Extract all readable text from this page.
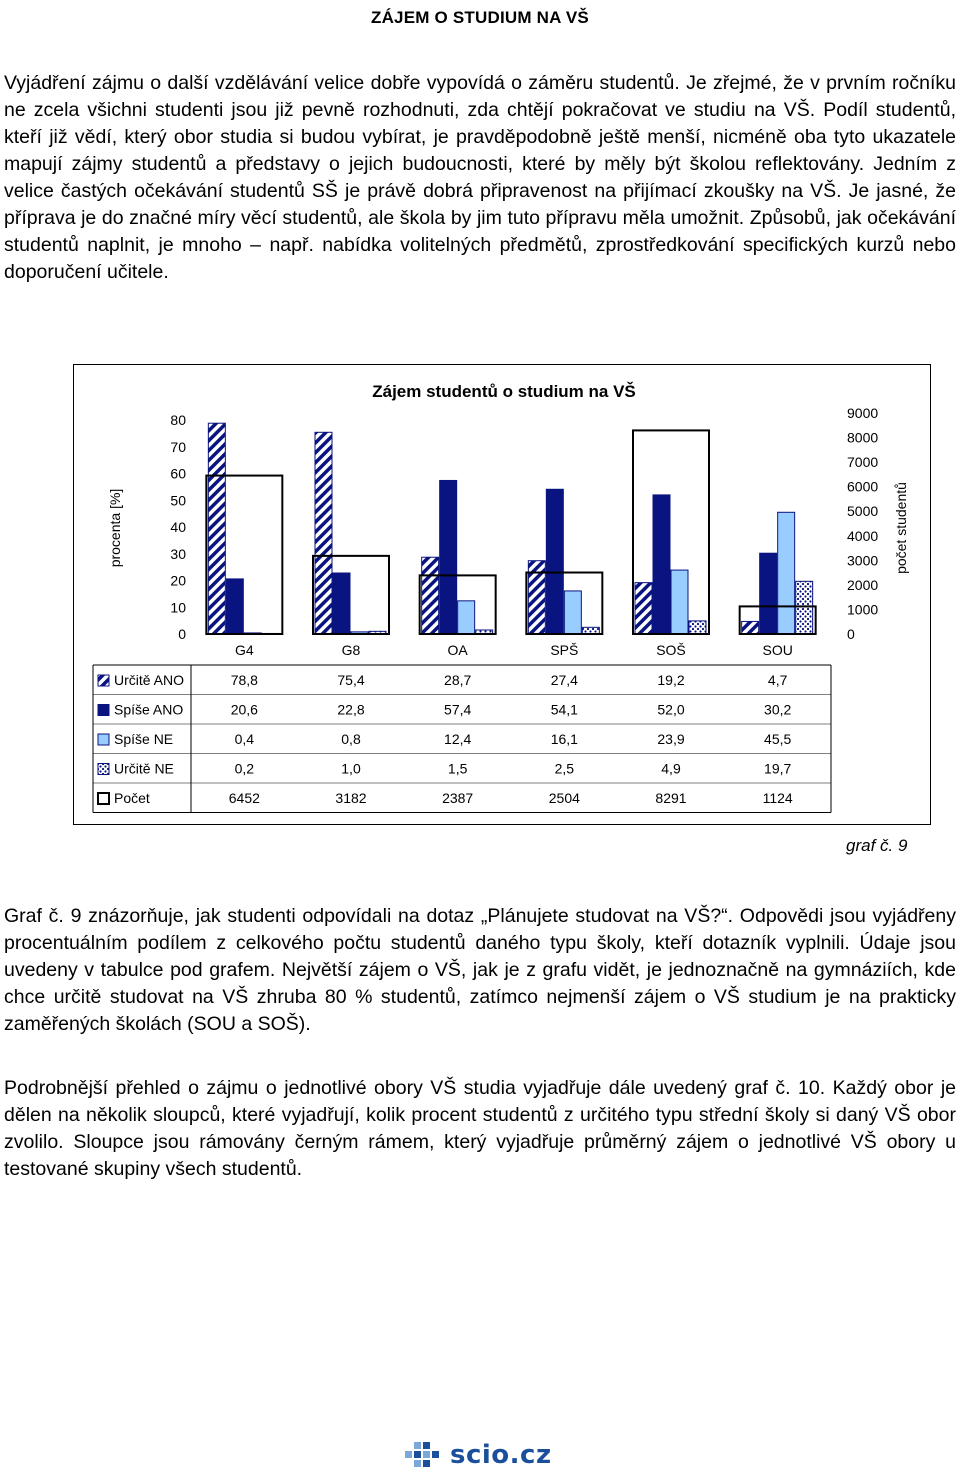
ZÁJEM O STUDIUM NA VŠ

Vyjádření zájmu o další vzdělávání velice dobře vypovídá o záměru studentů. Je zřejmé, že v prvním ročníku ne zcela všichni studenti jsou již pevně rozhodnuti, zda chtějí pokračovat ve studiu na VŠ. Podíl studentů, kteří již vědí, který obor studia si budou vybírat, je pravděpodobně ještě menší, nicméně oba tyto ukazatele mapují zájmy studentů a představy o jejich budoucnosti, které by měly být školou reflektovány. Jedním z velice častých očekávání studentů SŠ je právě dobrá připravenost na přijímací zkoušky na VŠ. Je jasné, že příprava je do značné míry věcí studentů, ale škola by jim tuto přípravu měla umožnit. Způsobů, jak očekávání studentů naplnit, je mnoho – např. nabídka volitelných předmětů, zprostředkování specifických kurzů nebo doporučení učitele.

Zájem studentů o studium na VŠ
procenta [%]	počet studentů
0
10
20
30
40
50
60
70
80
0
1000
2000
3000
4000
5000
6000
7000
8000
9000
G4	G8	OA	SPŠ	SOŠ	SOU
Určitě ANO	78,8	75,4	28,7	27,4	19,2	4,7
Spíše ANO	20,6	22,8	57,4	54,1	52,0	30,2
Spíše NE	0,4	0,8	12,4	16,1	23,9	45,5
Určitě NE	0,2	1,0	1,5	2,5	4,9	19,7
Počet	6452	3182	2387	2504	8291	1124
graf č. 9

Graf č. 9 znázorňuje, jak studenti odpovídali na dotaz „Plánujete studovat na VŠ?“. Odpovědi jsou vyjádřeny procentuálním podílem z celkového počtu studentů daného typu školy, kteří dotazník vyplnili. Údaje jsou uvedeny v tabulce pod grafem. Největší zájem o VŠ, jak je z grafu vidět, je jednoznačně na gymnáziích, kde chce určitě studovat na VŠ zhruba 80 % studentů, zatímco nejmenší zájem o VŠ studium je na prakticky zaměřených školách (SOU a SOŠ).

Podrobnější přehled o zájmu o jednotlivé obory VŠ studia vyjadřuje dále uvedený graf č. 10. Každý obor je dělen na několik sloupců, které vyjadřují, kolik procent studentů z určitého typu střední školy si daný VŠ obor zvolilo. Sloupce jsou rámovány černým rámem, který vyjadřuje průměrný zájem o jednotlivé VŠ obory u testované skupiny všech studentů.

scio.cz
